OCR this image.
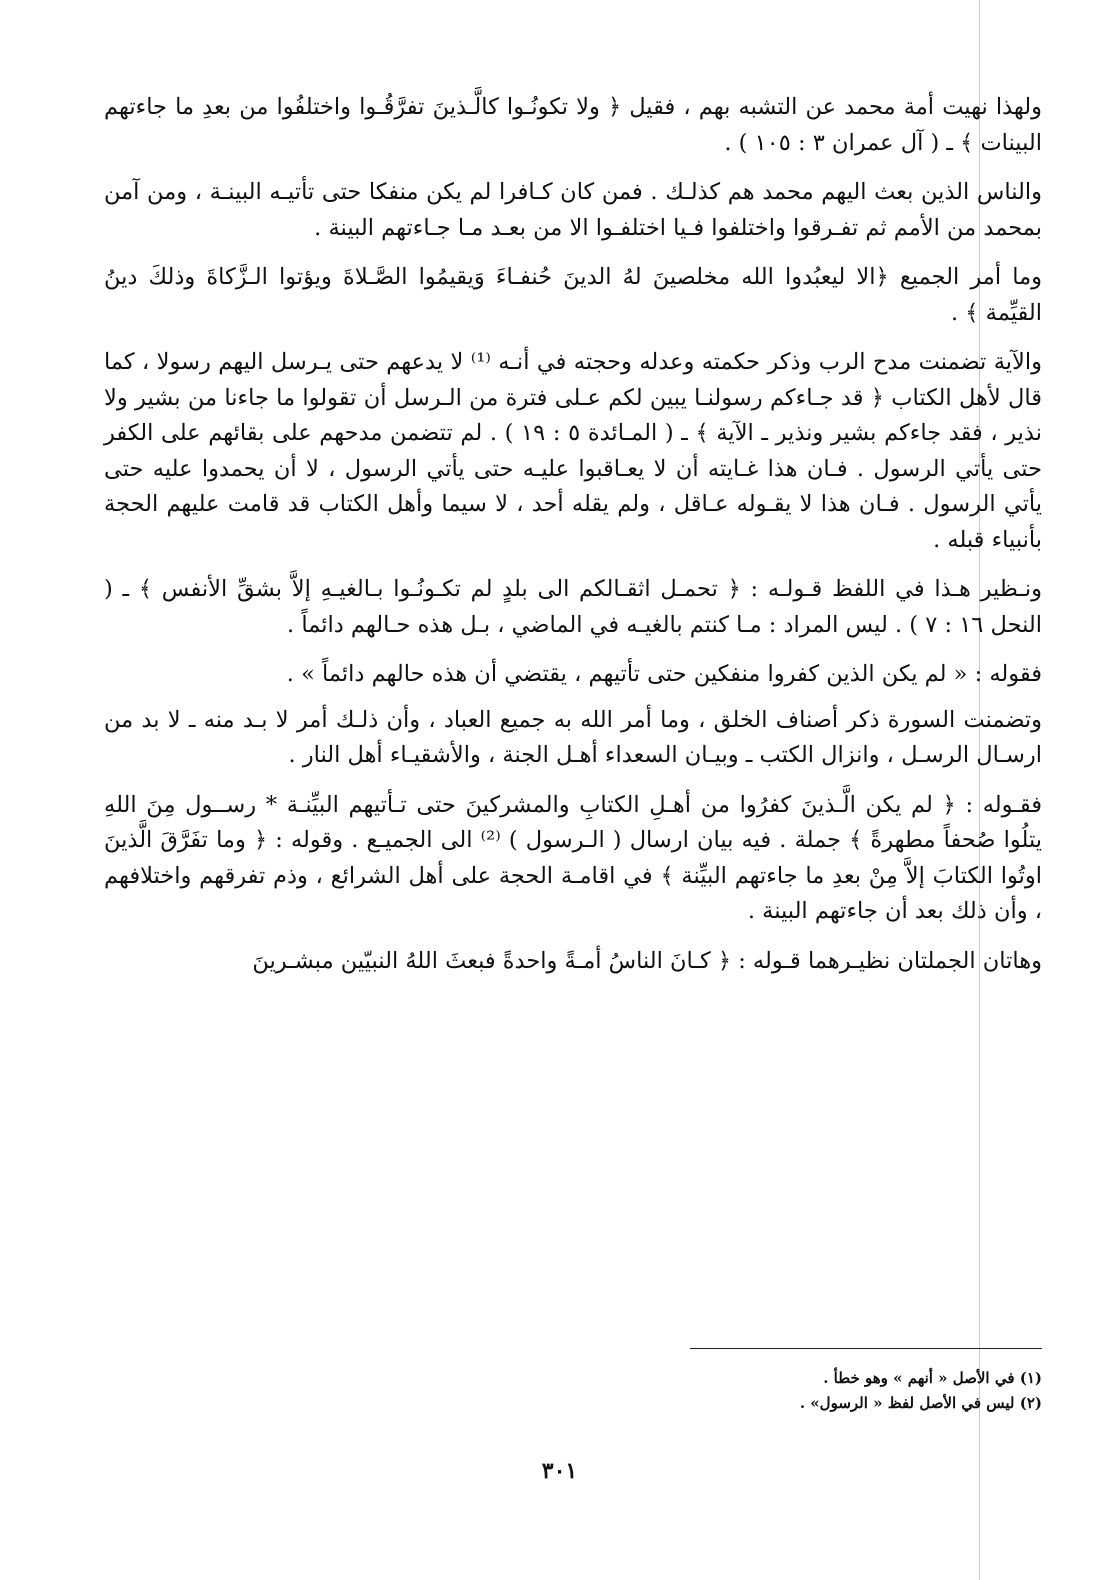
ولهذا نهيت أمة محمد عن التشبه بهم ، فقيل ﴿ ولا تكونُـوا كالَّـذينَ تفرَّقُـوا واختلفُوا من بعدِ ما جاءتهم البينات ﴾ ـ ( آل عمران ٣ : ١٠٥ ) .

والناس الذين بعث اليهم محمد هم كذلـك . فمن كان كـافرا لم يكن منفكا حتى تأتيـه البينـة ، ومن آمن بمحمد من الأمم ثم تفـرقوا واختلفوا فـيا اختلفـوا الا من بعـد مـا جـاءتهم البينة .

وما أمر الجميع ﴿الا ليعبُدوا الله مخلصينَ لهُ الدينَ حُنفـاءَ وَيقيمُوا الصَّـلاةَ ويؤتوا الـزَّكاةَ وذلكَ دينُ القيِّمة ﴾ .

والآية تضمنت مدح الرب وذكر حكمته وعدله وحجته في أنـه ⁽¹⁾ لا يدعهم حتى يـرسل اليهم رسولا ، كما قال لأهل الكتاب ﴿ قد جـاءكم رسولنـا يبين لكم عـلى فترة من الـرسل أن تقولوا ما جاءنا من بشير ولا نذير ، فقد جاءكم بشير ونذير ـ الآية ﴾ ـ ( المـائدة ٥ : ١٩ ) . لم تتضمن مدحهم على بقائهم على الكفر حتى يأتي الرسول . فـان هذا غـايته أن لا يعـاقبوا عليـه حتى يأتي الرسول ، لا أن يحمدوا عليه حتى يأتي الرسول . فـان هذا لا يقـوله عـاقل ، ولم يقله أحد ، لا سيما وأهل الكتاب قد قامت عليهم الحجة بأنبياء قبله .

ونـظير هـذا في اللفظ قـولـه : ﴿ تحمـل اثقـالكم الى بلدٍ لم تكـونُـوا بـالغيـهِ إلاَّ بشقِّ الأنفس ﴾ ـ ( النحل ١٦ : ٧ ) . ليس المراد : مـا كنتم بالغيـه في الماضي ، بـل هذه حـالهم دائماً .

فقوله : « لم يكن الذين كفروا منفكين حتى تأتيهم ، يقتضي أن هذه حالهم دائماً » .

وتضمنت السورة ذكر أصناف الخلق ، وما أمر الله به جميع العباد ، وأن ذلـك أمر لا بـد منه ـ لا بد من ارسـال الرسـل ، وانزال الكتب ـ وبيـان السعداء أهـل الجنة ، والأشقيـاء أهل النار .

فقـوله : ﴿ لم يكن الَّـذينَ كفرُوا من أهـلِ الكتابِ والمشركينَ حتى تـأتيهم البيِّنـة * رســول مِنَ اللهِ يتلُوا صُحفاً مطهرةً ﴾ جملة . فيه بيان ارسال ( الـرسول ) ⁽²⁾ الى الجميـع . وقوله : ﴿ وما تفَرَّقَ الَّذينَ اوتُوا الكتابَ إلاَّ مِنْ بعدِ ما جاءتهم البيِّنة ﴾ في اقامـة الحجة على أهل الشرائع ، وذم تفرقهم واختلافهم ، وأن ذلك بعد أن جاءتهم البينة .

وهاتان الجملتان نظيـرهما قـوله : ﴿ كـانَ الناسُ أمـةً واحدةً فبعثَ اللهُ النبيّين مبشـرينَ

(١) في الأصل « أنهم » وهو خطأ .

(٢) ليس في الأصل لفظ « الرسول» .

٣٠١
